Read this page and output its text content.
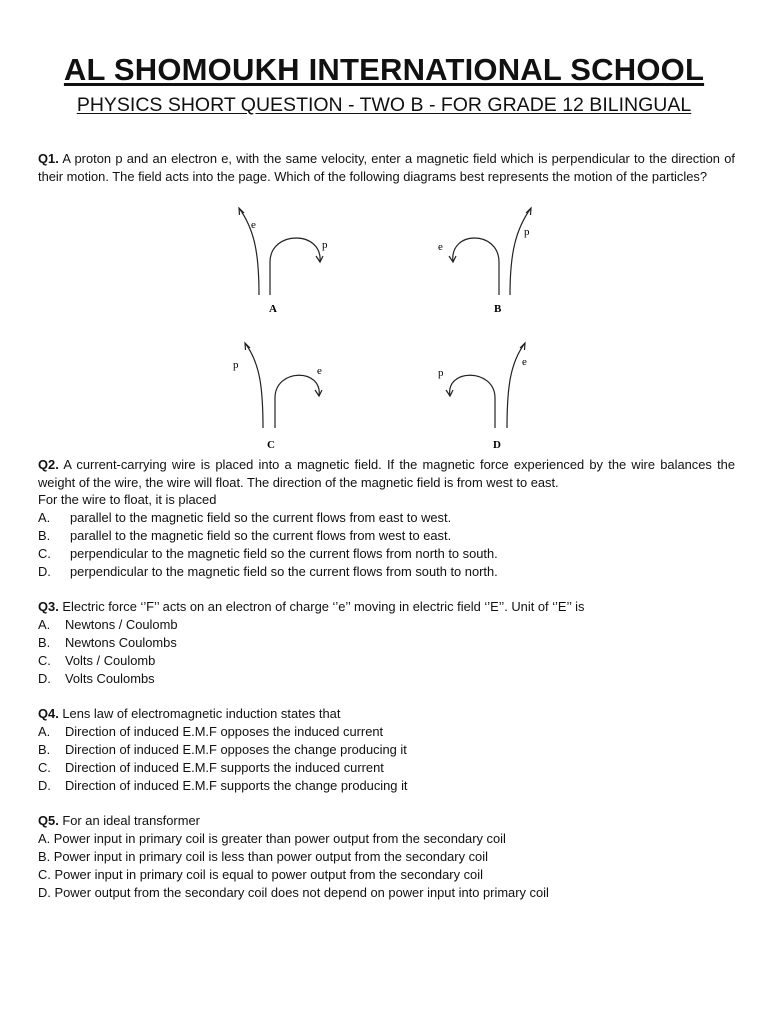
AL SHOMOUKH INTERNATIONAL SCHOOL
PHYSICS SHORT QUESTION - TWO B - FOR GRADE 12 BILINGUAL
Q1. A proton p and an electron e, with the same velocity, enter a magnetic field which is perpendicular to the direction of their motion. The field acts into the page. Which of the following diagrams best represents the motion of the particles?
e
p
A
e
p
B
p	e
C
p
e
D
Q2. A current-carrying wire is placed into a magnetic field. If the magnetic force experienced by the wire balances the weight of the wire, the wire will float. The direction of the magnetic field is from west to east.
For the wire to float, it is placed
A. parallel to the magnetic field so the current flows from east to west.
B. parallel to the magnetic field so the current flows from west to east.
C. perpendicular to the magnetic field so the current flows from north to south.
D. perpendicular to the magnetic field so the current flows from south to north.
Q3. Electric force ‘’F’’ acts on an electron of charge ‘’e’’ moving in electric field ‘’E’’. Unit of ‘’E’’ is
A. Newtons / Coulomb
B. Newtons Coulombs
C. Volts / Coulomb
D. Volts Coulombs
Q4. Lens law of electromagnetic induction states that
A. Direction of induced E.M.F opposes the induced current
B. Direction of induced E.M.F opposes the change producing it
C. Direction of induced E.M.F supports the induced current
D. Direction of induced E.M.F supports the change producing it
Q5. For an ideal transformer
A. Power input in primary coil is greater than power output from the secondary coil
B. Power input in primary coil is less than power output from the secondary coil
C. Power input in primary coil is equal to power output from the secondary coil
D. Power output from the secondary coil does not depend on power input into primary coil
